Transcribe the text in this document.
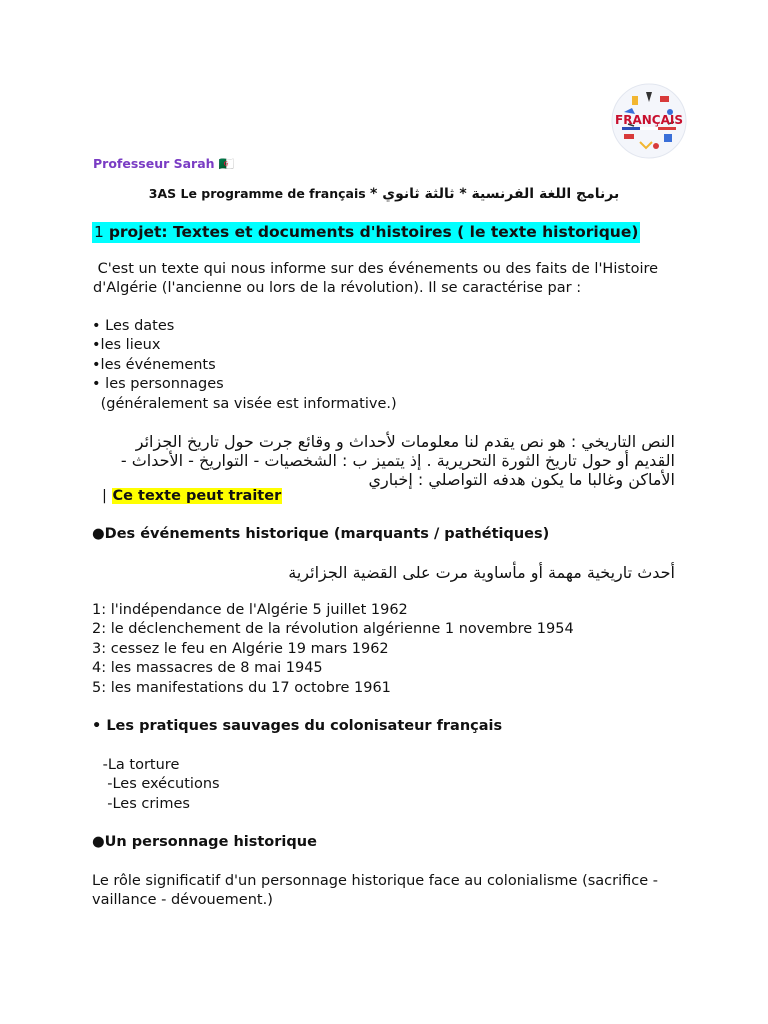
FRANÇAIS
Professeur Sarah 🇩🇿
3AS Le programme de français برنامج اللغة الفرنسية * ثالثة ثانوي *
1 projet: Textes et documents d'histoires ( le texte historique)
C'est un texte qui nous informe sur des événements ou des faits de l'Histoire
d'Algérie (l'ancienne ou lors de la révolution). Il se caractérise par :
• Les dates
•les lieux
•les événements
• les personnages
(généralement sa visée est informative.)
النص التاريخي : هو نص يقدم لنا معلومات لأحداث و وقائع جرت حول تاريخ الجزائر
القديم أو حول تاريخ الثورة التحريرية . إذ يتميز ب : الشخصيات - التواريخ - الأحداث -
الأماكن وغالبا ما يكون هدفه التواصلي : إخباري
| Ce texte peut traiter
●Des événements historique (marquants / pathétiques)
أحدث تاريخية مهمة أو مأساوية مرت على القضية الجزائرية
1: l'indépendance de l'Algérie 5 juillet 1962
2: le déclenchement de la révolution algérienne 1 novembre 1954
3: cessez le feu en Algérie 19 mars 1962
4: les massacres de 8 mai 1945
5: les manifestations du 17 octobre 1961
• Les pratiques sauvages du colonisateur français
-La torture
-Les exécutions
-Les crimes
●Un personnage historique
Le rôle significatif d'un personnage historique face au colonialisme (sacrifice -
vaillance - dévouement.)
